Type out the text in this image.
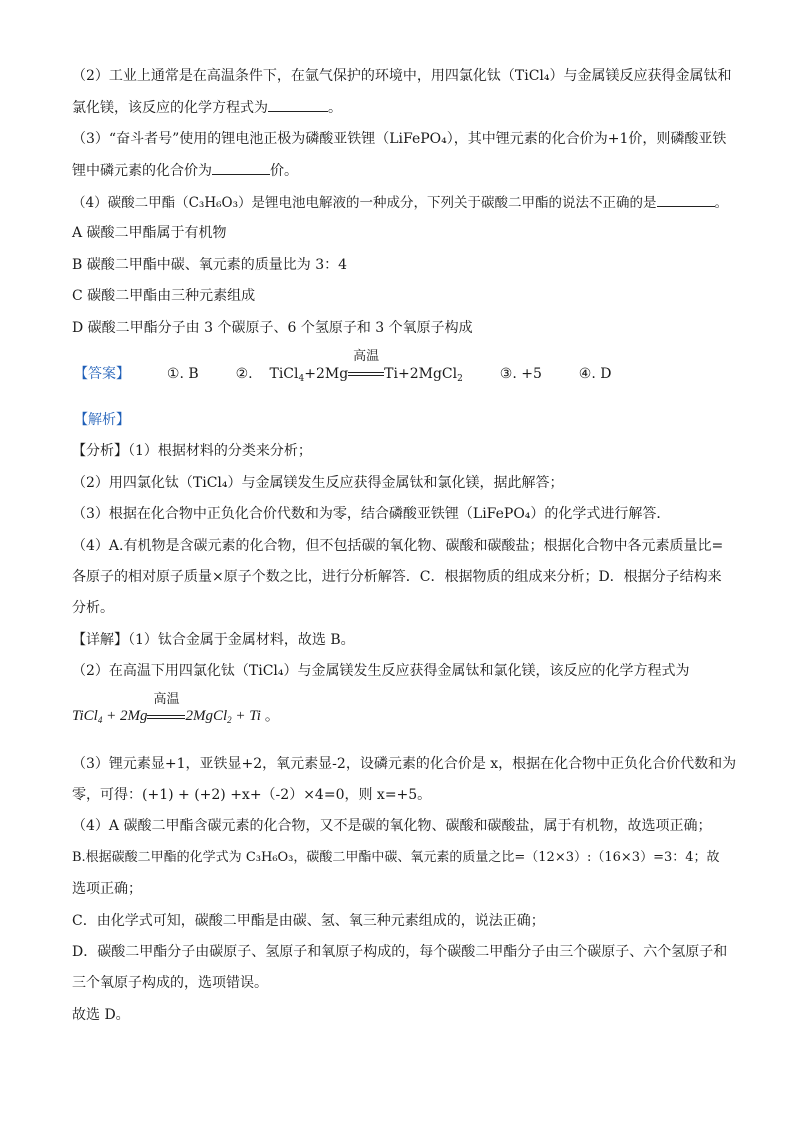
（2）工业上通常是在高温条件下，在氩气保护的环境中，用四氯化钛（TiCl₄）与金属镁反应获得金属钛和
氯化镁，该反应的化学方程式为	。
（3）“奋斗者号”使用的锂电池正极为磷酸亚铁锂（LiFePO₄），其中锂元素的化合价为+1价，则磷酸亚铁
锂中磷元素的化合价为	价。
（4）碳酸二甲酯（C₃H₆O₃）是锂电池电解液的一种成分，下列关于碳酸二甲酯的说法不正确的是	。
A 碳酸二甲酯属于有机物
B 碳酸二甲酯中碳、氧元素的质量比为 3：4
C 碳酸二甲酯由三种元素组成
D 碳酸二甲酯分子由 3 个碳原子、6 个氢原子和 3 个氧原子构成
【答案】	①. B	②. TiCl$_4$+2Mg
高温
Ti+2MgCl$_2$	③. +5	④. D
【解析】
【分析】（1）根据材料的分类来分析；
（2）用四氯化钛（TiCl₄）与金属镁发生反应获得金属钛和氯化镁，据此解答；
（3）根据在化合物中正负化合价代数和为零，结合磷酸亚铁锂（LiFePO₄）的化学式进行解答．
（4）A.有机物是含碳元素的化合物，但不包括碳的氧化物、碳酸和碳酸盐；根据化合物中各元素质量比=
各原子的相对原子质量×原子个数之比，进行分析解答．C．根据物质的组成来分析；D．根据分子结构来
分析。
【详解】（1）钛合金属于金属材料，故选 B。
（2）在高温下用四氯化钛（TiCl₄）与金属镁发生反应获得金属钛和氯化镁，该反应的化学方程式为
TiCl$_4$ + 2Mg
高温
2MgCl$_2$ + Ti 。
（3）锂元素显+1，亚铁显+2，氧元素显-2，设磷元素的化合价是 x，根据在化合物中正负化合价代数和为
零，可得：(+1) + (+2) +x+（-2）×4=0，则 x=+5。
（4）A 碳酸二甲酯含碳元素的化合物，又不是碳的氧化物、碳酸和碳酸盐，属于有机物，故选项正确；
B.根据碳酸二甲酯的化学式为 C₃H₆O₃，碳酸二甲酯中碳、氧元素的质量之比=（12×3）:（16×3）=3：4；故
选项正确；
C．由化学式可知，碳酸二甲酯是由碳、氢、氧三种元素组成的，说法正确；
D．碳酸二甲酯分子由碳原子、氢原子和氧原子构成的，每个碳酸二甲酯分子由三个碳原子、六个氢原子和
三个氧原子构成的，选项错误。
故选 D。
